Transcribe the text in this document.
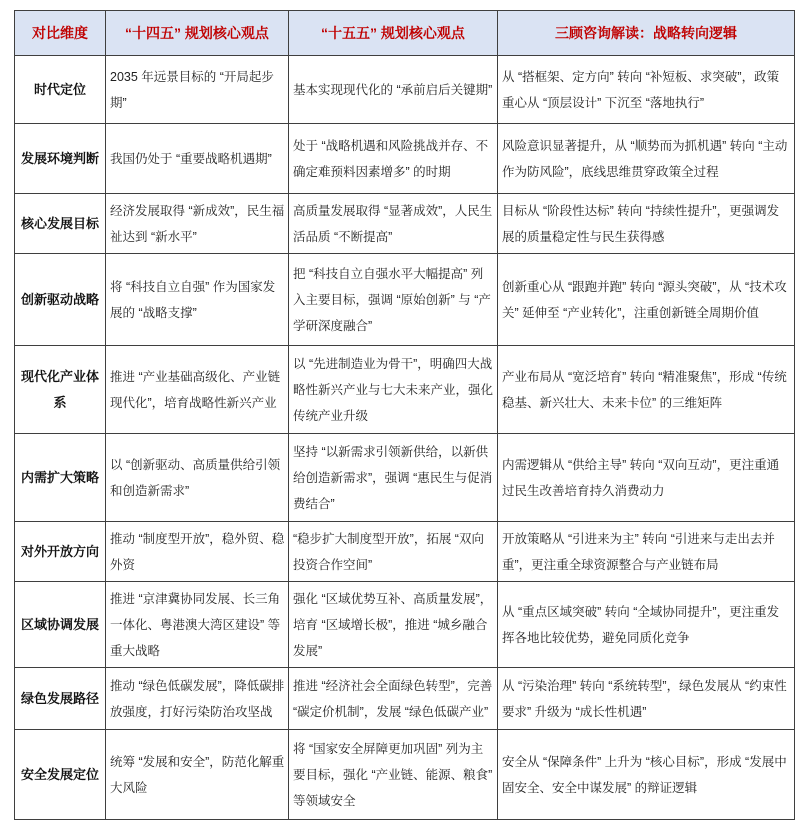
对比维度	“十四五” 规划核心观点	“十五五” 规划核心观点	三顾咨询解读：战略转向逻辑
时代定位	2035 年远景目标的 “开局起步期”	基本实现现代化的 “承前启后关键期”	从 “搭框架、定方向” 转向 “补短板、求突破”，政策重心从 “顶层设计” 下沉至 “落地执行”
发展环境判断	我国仍处于 “重要战略机遇期”	处于 “战略机遇和风险挑战并存、不确定难预料因素增多” 的时期	风险意识显著提升，从 “顺势而为抓机遇” 转向 “主动作为防风险”，底线思维贯穿政策全过程
核心发展目标	经济发展取得 “新成效”，民生福祉达到 “新水平”	高质量发展取得 “显著成效”，人民生活品质 “不断提高”	目标从 “阶段性达标” 转向 “持续性提升”，更强调发展的质量稳定性与民生获得感
创新驱动战略	将 “科技自立自强” 作为国家发展的 “战略支撑”	把 “科技自立自强水平大幅提高” 列入主要目标，强调 “原始创新” 与 “产学研深度融合”	创新重心从 “跟跑并跑” 转向 “源头突破”，从 “技术攻关” 延伸至 “产业转化”，注重创新链全周期价值
现代化产业体系	推进 “产业基础高级化、产业链现代化”，培育战略性新兴产业	以 “先进制造业为骨干”，明确四大战略性新兴产业与七大未来产业，强化传统产业升级	产业布局从 “宽泛培育” 转向 “精准聚焦”，形成 “传统稳基、新兴壮大、未来卡位” 的三维矩阵
内需扩大策略	以 “创新驱动、高质量供给引领和创造新需求”	坚持 “以新需求引领新供给，以新供给创造新需求”，强调 “惠民生与促消费结合”	内需逻辑从 “供给主导” 转向 “双向互动”，更注重通过民生改善培育持久消费动力
对外开放方向	推动 “制度型开放”，稳外贸、稳外资	“稳步扩大制度型开放”，拓展 “双向投资合作空间”	开放策略从 “引进来为主” 转向 “引进来与走出去并重”，更注重全球资源整合与产业链布局
区域协调发展	推进 “京津冀协同发展、长三角一体化、粤港澳大湾区建设” 等重大战略	强化 “区域优势互补、高质量发展”，培育 “区域增长极”，推进 “城乡融合发展”	从 “重点区域突破” 转向 “全域协同提升”，更注重发挥各地比较优势，避免同质化竞争
绿色发展路径	推动 “绿色低碳发展”，降低碳排放强度，打好污染防治攻坚战	推进 “经济社会全面绿色转型”，完善 “碳定价机制”，发展 “绿色低碳产业”	从 “污染治理” 转向 “系统转型”，绿色发展从 “约束性要求” 升级为 “成长性机遇”
安全发展定位	统筹 “发展和安全”，防范化解重大风险	将 “国家安全屏障更加巩固” 列为主要目标，强化 “产业链、能源、粮食” 等领域安全	安全从 “保障条件” 上升为 “核心目标”，形成 “发展中固安全、安全中谋发展” 的辩证逻辑
